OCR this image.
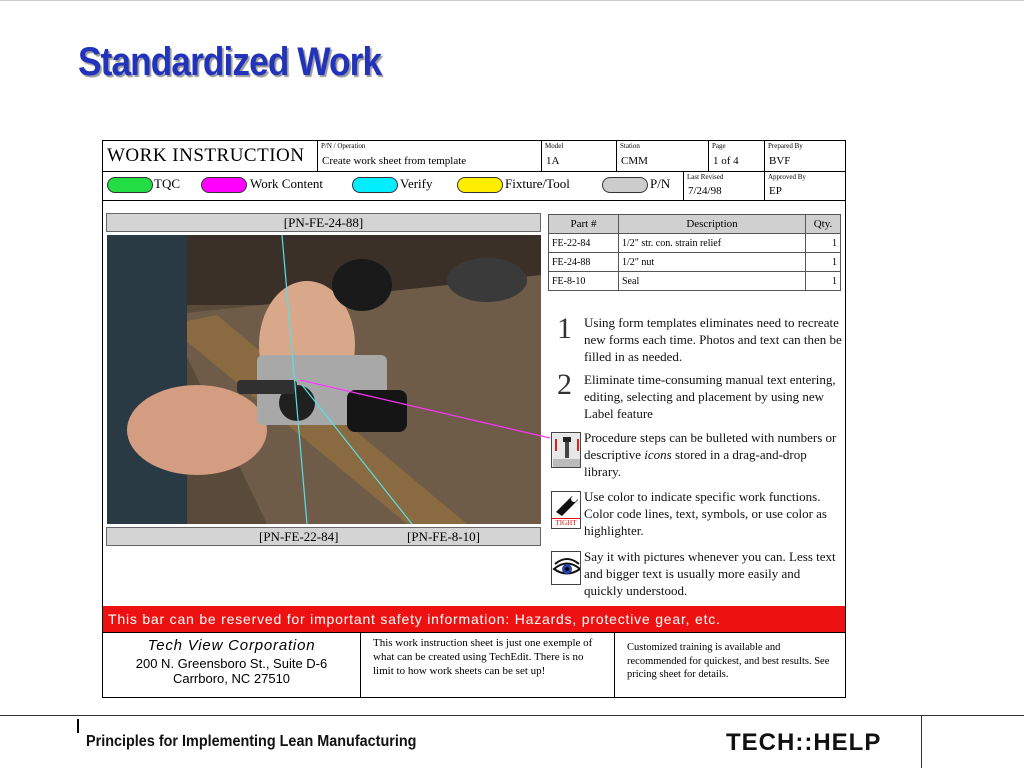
Standardized Work
WORK INSTRUCTION P/N / Operation
Create work sheet from template
Model
1A
Station
CMM
Page
1 of 4
Prepared By
BVF
Last Revised
7/24/98
Approved By
EP
Tech View Corporation
200 N. Greensboro St., Suite D-6
Carrboro, NC 27510
This work instruction sheet is just one exemple of what can be created using TechEdit. There is no limit to how work sheets can be set up!
Customized training is available and recommended for quickest, and best results. See pricing sheet for details.
TQC	Work Content	Verify	Fixture/Tool	P/N
[PN-FE-24-88]
[PN-FE-22-84]	[PN-FE-8-10]
Part #	Description	Qty.
FE-22-84	1/2" str. con. strain relief	1
FE-24-88	1/2" nut	1
FE-8-10	Seal	1
1 Using form templates eliminates need to recreate new forms each time. Photos and text can then be filled in as needed.
2 Eliminate time-consuming manual text entering, editing, selecting and placement by using new Label feature
Procedure steps can be bulleted with numbers or descriptive icons stored in a drag-and-drop library.
TIGHT
Use color to indicate specific work functions. Color code lines, text, symbols, or use color as highlighter.
Say it with pictures whenever you can. Less text and bigger text is usually more easily and quickly understood.
This bar can be reserved for important safety information: Hazards, protective gear, etc.
Principles for Implementing Lean Manufacturing	TECH::HELP
